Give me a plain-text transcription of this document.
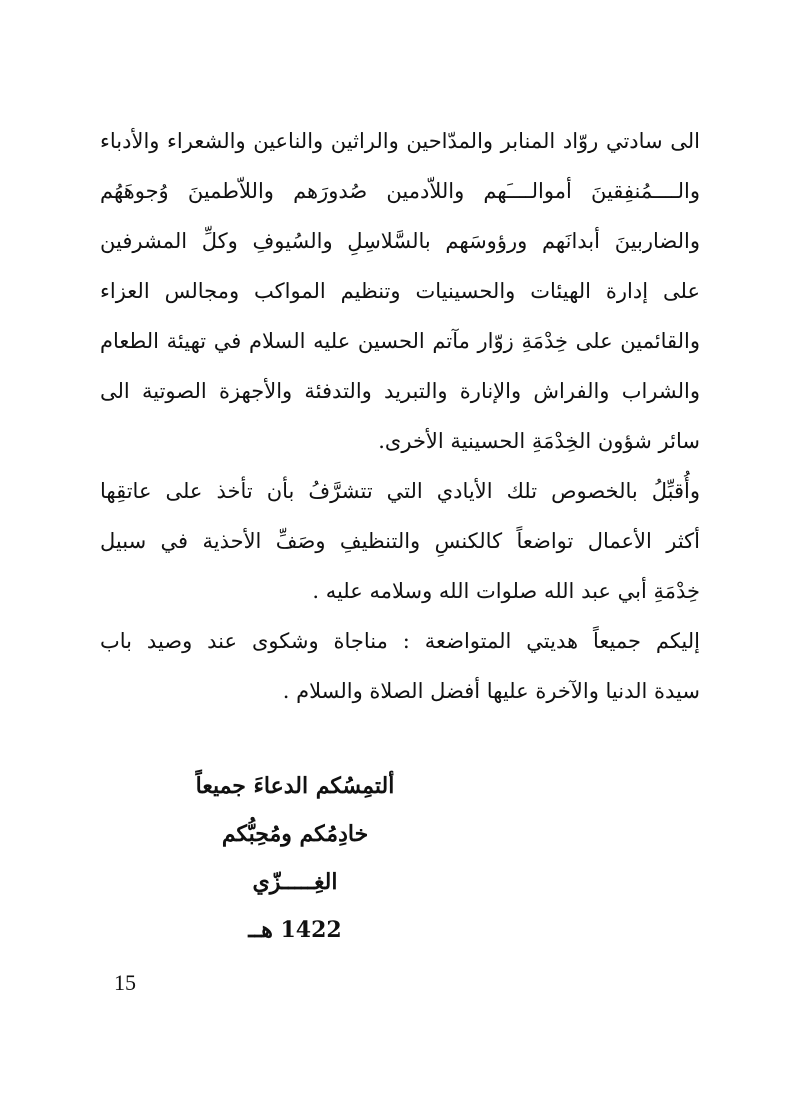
الى سادتي روّاد المنابر والمدّاحين والراثين والناعين والشعراء والأدباء
والــــمُنفِقينَ أموالــــَهم واللاّدمين صُدورَهم واللاّطمينَ وُجوهَهُم
والضاربينَ أبدانَهم ورؤوسَهم بالسَّلاسِلِ والسُيوفِ وكلِّ المشرفين
على إدارة الهيئات والحسينيات وتنظيم المواكب ومجالس العزاء
والقائمين على خِدْمَةِ زوّار مآتم الحسين عليه السلام في تهيئة الطعام
والشراب والفراش والإنارة والتبريد والتدفئة والأجهزة الصوتية الى
سائر شؤون الخِدْمَةِ الحسينية الأخرى.
وأُقبِّلُ بالخصوص تلك الأيادي التي تتشرَّفُ بأن تأخذ على عاتقِها
أكثر الأعمال تواضعاً كالكنسِ والتنظيفِ وصَفِّ الأحذية في سبيل
خِدْمَةِ أبي عبد الله صلوات الله وسلامه عليه .
إليكم جميعاً هديتي المتواضعة : مناجاة وشكوى عند وصيد باب
سيدة الدنيا والآخرة عليها أفضل الصلاة والسلام .
ألتمِسُكم الدعاءَ جميعاً
خادِمُكم ومُحِبُّكم
الغِـــــزّي
1422 هــ
15
